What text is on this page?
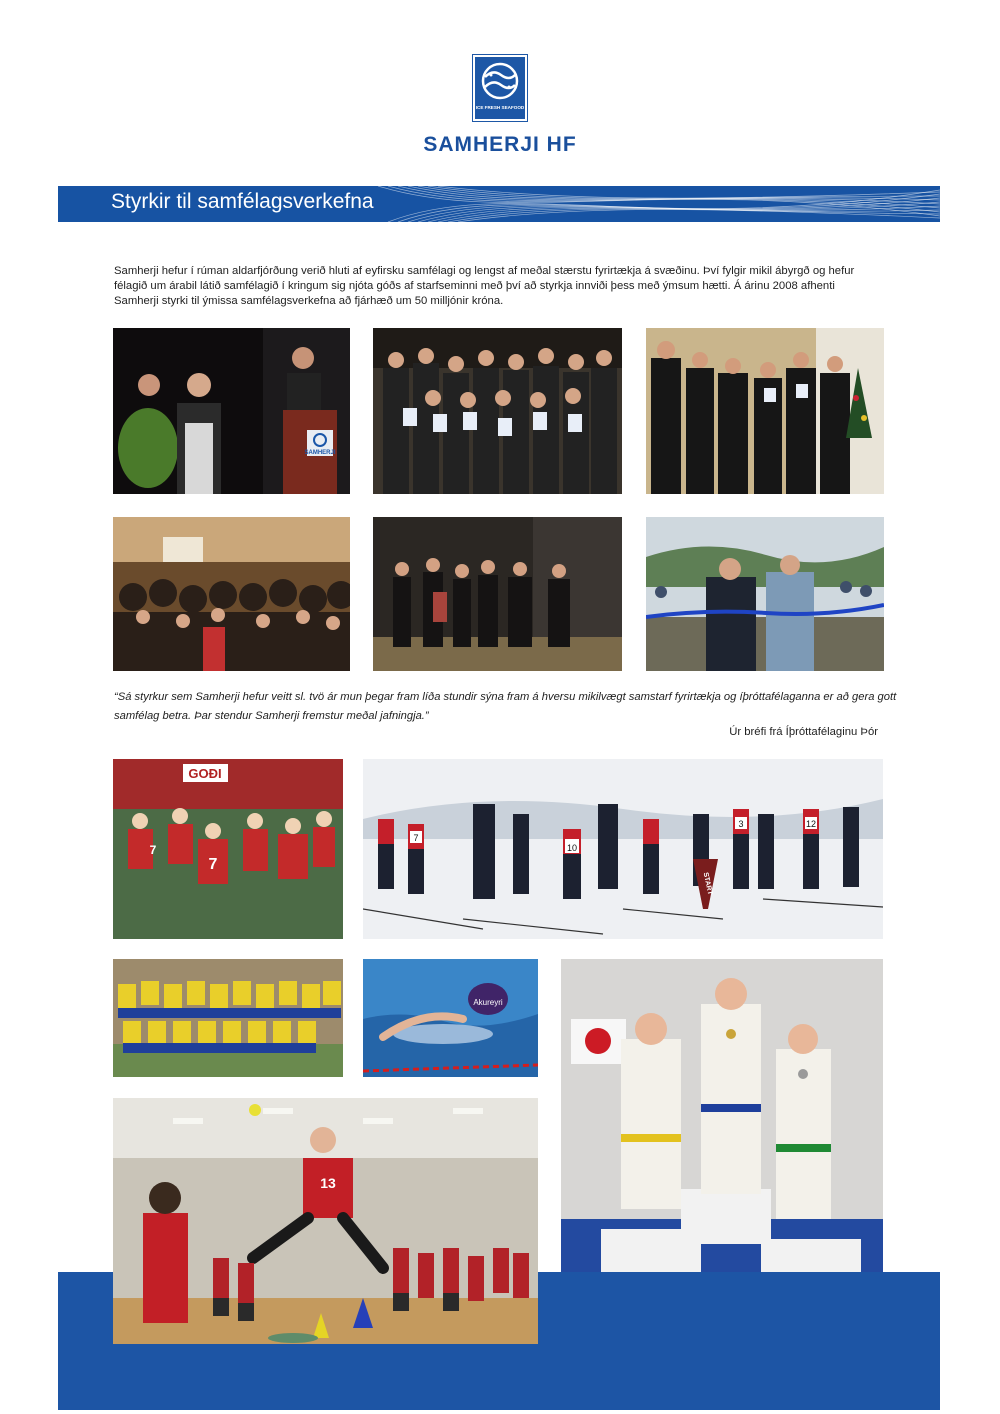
ICE FRESH SEAFOOD
SAMHERJI HF
Styrkir til samfélagsverkefna
Samherji hefur í rúman aldarfjórðung verið hluti af eyfirsku samfélagi og lengst af meðal stærstu fyrirtækja á svæðinu. Því fylgir mikil ábyrgð og hefur félagið um árabil látið samfélagið í kringum sig njóta góðs af starfseminni með því að styrkja innviði þess með ýmsum hætti. Á árinu 2008 afhenti Samherji styrki til ýmissa samfélagsverkefna að fjárhæð um 50 milljónir króna.
SAMHERJI
“Sá styrkur sem Samherji hefur veitt sl. tvö ár mun þegar fram líða stundir sýna fram á hversu mikilvægt samstarf fyrirtækja og íþróttafélaganna er að gera gott samfélag betra. Þar stendur Samherji fremstur meðal jafningja.”
Úr bréfi frá Íþróttafélaginu Þór
GOÐI
7
7
7
10
3	12
START
Akureyri
13
